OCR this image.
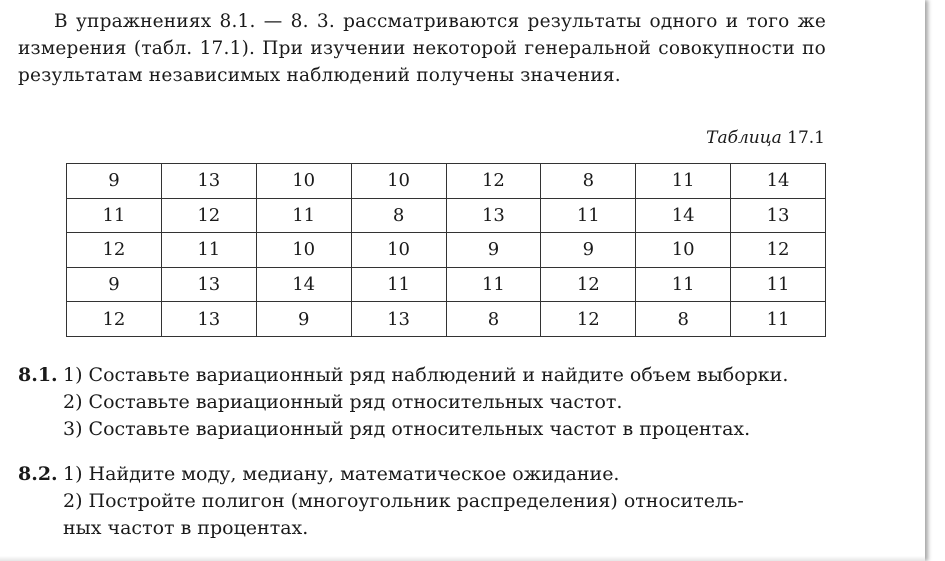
В упражнениях 8.1. — 8. 3. рассматриваются результаты одного и того же измерения (табл. 17.1). При изучении некоторой генеральной совокупности по результатам независимых наблюдений получены значения.

Таблица 17.1

9	13	10	10	12	8	11	14
11	12	11	8	13	11	14	13
12	11	10	10	9	9	10	12
9	13	14	11	11	12	11	11
12	13	9	13	8	12	8	11
8.1. 1) Составьте вариационный ряд наблюдений и найдите объем выборки.
2) Составьте вариационный ряд относительных частот.
3) Составьте вариационный ряд относительных частот в процентах.
8.2. 1) Найдите моду, медиану, математическое ожидание.
2) Постройте полигон (многоугольник распределения) относитель-
ных частот в процентах.
